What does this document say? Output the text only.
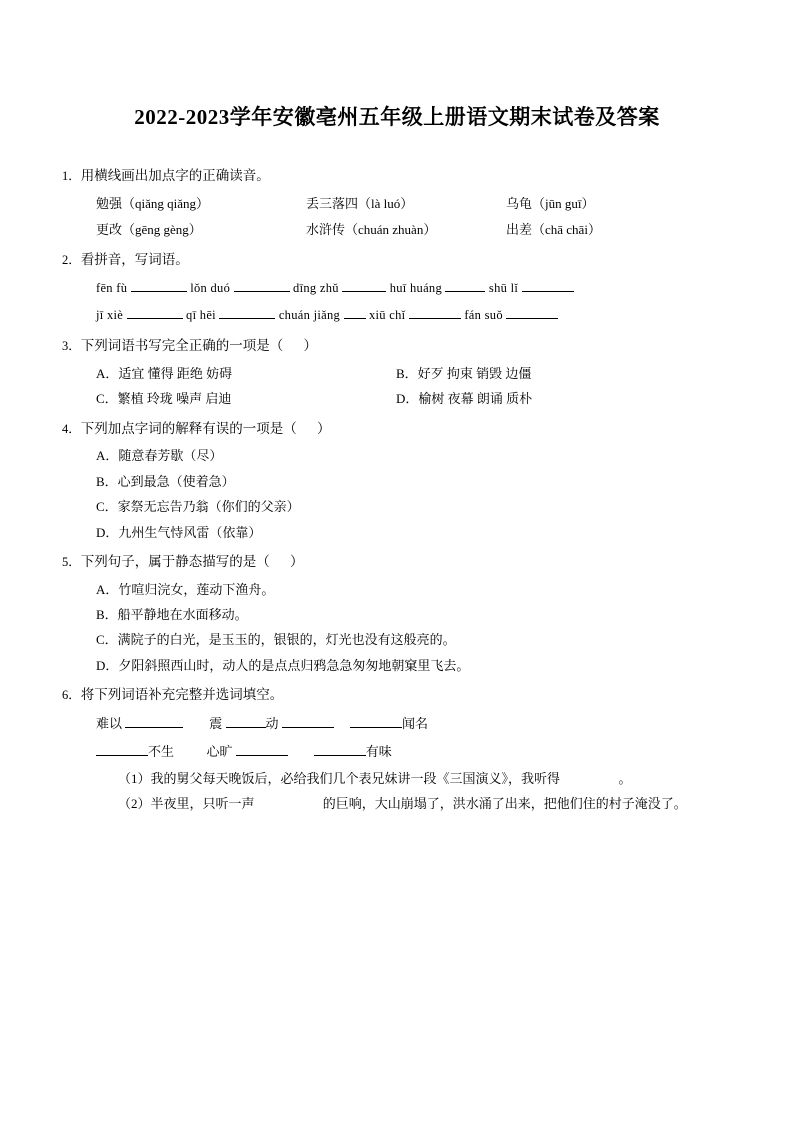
2022-2023学年安徽亳州五年级上册语文期末试卷及答案
1．用横线画出加点字的正确读音。
勉强（qiǎng qiǎng）	丢三落四（là luó）	乌龟（jūn guī）
更改（gēng gèng）	水浒传（chuán zhuàn）	出差（chā chāi）
2．看拼音，写词语。
fēn fù	lǒn duó	dīng zhǔ	huī huáng	shū lǐ
jī xiè	qī hēi	chuán jiǎng xiū chǐ	fán suǒ
3．下列词语书写完全正确的一项是（      ）
A．适宜 懂得 距绝 妨碍	B．好歹 拘束 销毁 边僵
C．繁植 玲珑 噪声 启迪	D．榆树 夜幕 朗诵 质朴
4．下列加点字词的解释有误的一项是（      ）
A．随意春芳歇（尽）
B．心到最急（使着急）
C．家祭无忘告乃翁（你们的父亲）
D．九州生气恃风雷（依靠）
5．下列句子，属于静态描写的是（      ）
A．竹喧归浣女，莲动下渔舟。
B．船平静地在水面移动。
C．满院子的白光，是玉玉的，银银的，灯光也没有这般亮的。
D．夕阳斜照西山时，动人的是点点归鸦急急匆匆地朝窠里飞去。
6．将下列词语补充完整并选词填空。
难以	震	动	闻名
不生	心旷	有味
（1）我的舅父每天晚饭后，必给我们几个表兄妹讲一段《三国演义》，我听得 　　　　 。
（2）半夜里，只听一声 　　　　　的巨响，大山崩塌了，洪水涌了出来，把他们住的村子淹没了。
